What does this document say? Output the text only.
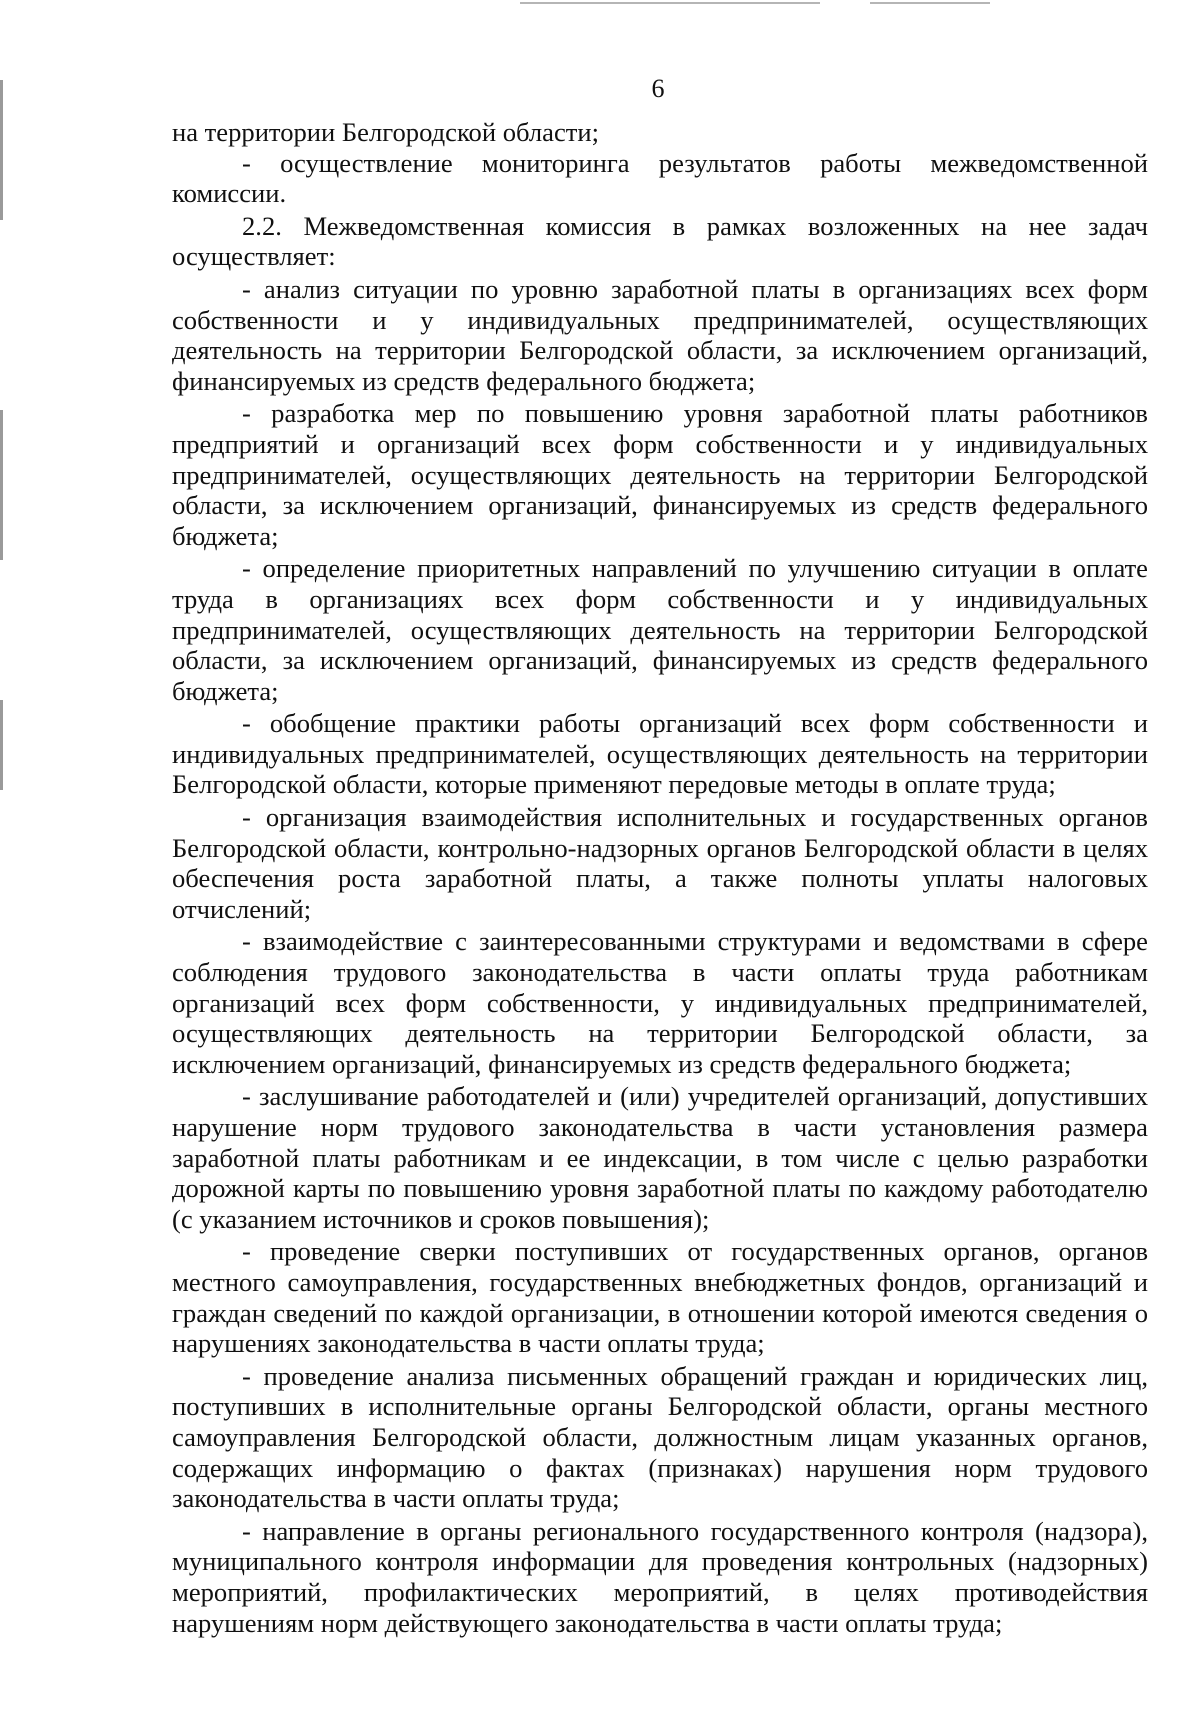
6

на территории Белгородской области;

- осуществление мониторинга результатов работы межведомственной комиссии.

2.2. Межведомственная комиссия в рамках возложенных на нее задач осуществляет:

- анализ ситуации по уровню заработной платы в организациях всех форм собственности и у индивидуальных предпринимателей, осуществляющих деятельность на территории Белгородской области, за исключением организаций, финансируемых из средств федерального бюджета;

- разработка мер по повышению уровня заработной платы работников предприятий и организаций всех форм собственности и у индивидуальных предпринимателей, осуществляющих деятельность на территории Белгородской области, за исключением организаций, финансируемых из средств федерального бюджета;

- определение приоритетных направлений по улучшению ситуации в оплате труда в организациях всех форм собственности и у индивидуальных предпринимателей, осуществляющих деятельность на территории Белгородской области, за исключением организаций, финансируемых из средств федерального бюджета;

- обобщение практики работы организаций всех форм собственности и индивидуальных предпринимателей, осуществляющих деятельность на территории Белгородской области, которые применяют передовые методы в оплате труда;

- организация взаимодействия исполнительных и государственных органов Белгородской области, контрольно-надзорных органов Белгородской области в целях обеспечения роста заработной платы, а также полноты уплаты налоговых отчислений;

- взаимодействие с заинтересованными структурами и ведомствами в сфере соблюдения трудового законодательства в части оплаты труда работникам организаций всех форм собственности, у индивидуальных предпринимателей, осуществляющих деятельность на территории Белгородской области, за исключением организаций, финансируемых из средств федерального бюджета;

- заслушивание работодателей и (или) учредителей организаций, допустивших нарушение норм трудового законодательства в части установления размера заработной платы работникам и ее индексации, в том числе с целью разработки дорожной карты по повышению уровня заработной платы по каждому работодателю (с указанием источников и сроков повышения);

- проведение сверки поступивших от государственных органов, органов местного самоуправления, государственных внебюджетных фондов, организаций и граждан сведений по каждой организации, в отношении которой имеются сведения о нарушениях законодательства в части оплаты труда;

- проведение анализа письменных обращений граждан и юридических лиц, поступивших в исполнительные органы Белгородской области, органы местного самоуправления Белгородской области, должностным лицам указанных органов, содержащих информацию о фактах (признаках) нарушения норм трудового законодательства в части оплаты труда;

- направление в органы регионального государственного контроля (надзора), муниципального контроля информации для проведения контрольных (надзорных) мероприятий, профилактических мероприятий, в целях противодействия нарушениям норм действующего законодательства в части оплаты труда;
